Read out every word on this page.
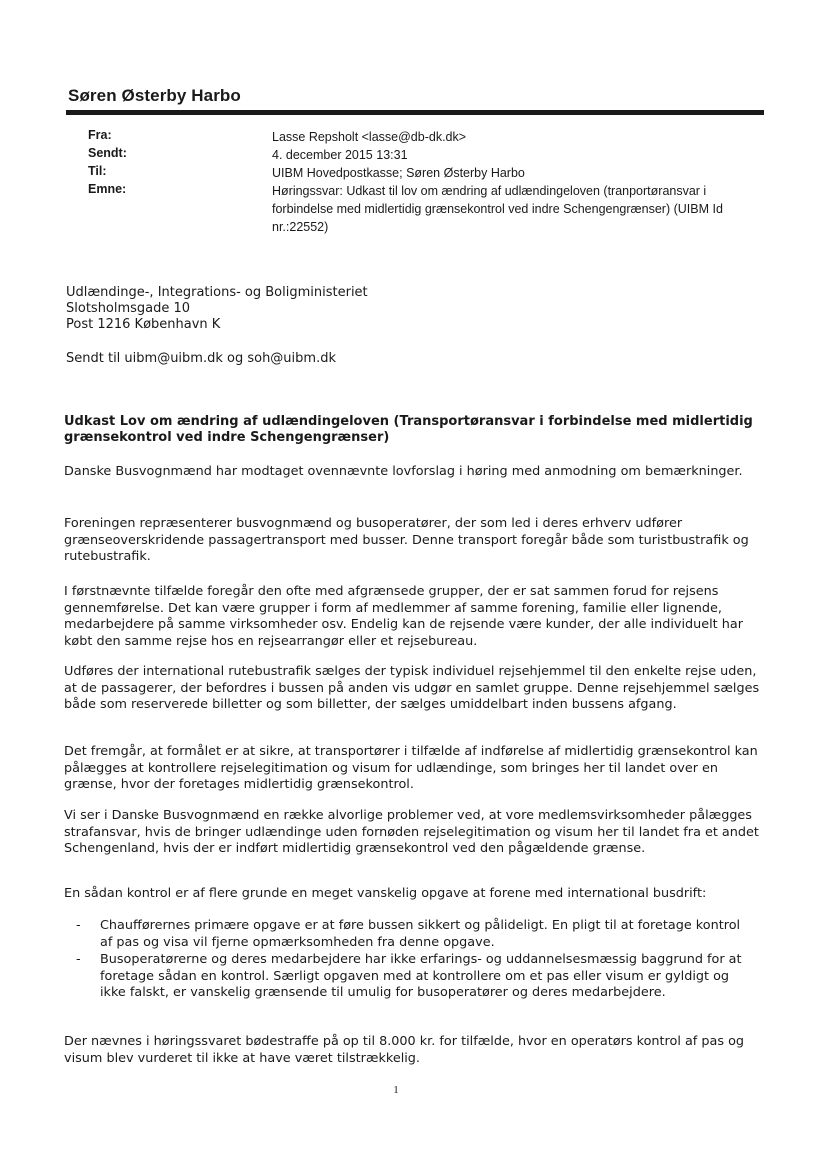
Søren Østerby Harbo
Fra:	Lasse Repsholt <lasse@db-dk.dk>
Sendt:	4. december 2015 13:31
Til:	UIBM Hovedpostkasse; Søren Østerby Harbo
Emne:	Høringssvar: Udkast til lov om ændring af udlændingeloven (tranportøransvar i forbindelse med midlertidig grænsekontrol ved indre Schengengrænser) (UIBM Id nr.:22552)
Udlændinge-, Integrations- og Boligministeriet
Slotsholmsgade 10
Post 1216 København K
Sendt til uibm@uibm.dk og soh@uibm.dk
Udkast Lov om ændring af udlændingeloven (Transportøransvar i forbindelse med midlertidig grænsekontrol ved indre Schengengrænser)
Danske Busvognmænd har modtaget ovennævnte lovforslag i høring med anmodning om bemærkninger.
Foreningen repræsenterer busvognmænd og busoperatører, der som led i deres erhverv udfører grænseoverskridende passagertransport med busser. Denne transport foregår både som turistbustrafik og rutebustrafik.
I førstnævnte tilfælde foregår den ofte med afgrænsede grupper, der er sat sammen forud for rejsens gennemførelse. Det kan være grupper i form af medlemmer af samme forening, familie eller lignende, medarbejdere på samme virksomheder osv. Endelig kan de rejsende være kunder, der alle individuelt har købt den samme rejse hos en rejsearrangør eller et rejsebureau.
Udføres der international rutebustrafik sælges der typisk individuel rejsehjemmel til den enkelte rejse uden, at de passagerer, der befordres i bussen på anden vis udgør en samlet gruppe. Denne rejsehjemmel sælges både som reserverede billetter og som billetter, der sælges umiddelbart inden bussens afgang.
Det fremgår, at formålet er at sikre, at transportører i tilfælde af indførelse af midlertidig grænsekontrol kan pålægges at kontrollere rejselegitimation og visum for udlændinge, som bringes her til landet over en grænse, hvor der foretages midlertidig grænsekontrol.
Vi ser i Danske Busvognmænd en række alvorlige problemer ved, at vore medlemsvirksomheder pålægges strafansvar, hvis de bringer udlændinge uden fornøden rejselegitimation og visum her til landet fra et andet Schengenland, hvis der er indført midlertidig grænsekontrol ved den pågældende grænse.
En sådan kontrol er af flere grunde en meget vanskelig opgave at forene med international busdrift:
-	Chaufførernes primære opgave er at føre bussen sikkert og pålideligt. En pligt til at foretage kontrol af pas og visa vil fjerne opmærksomheden fra denne opgave.
-	Busoperatørerne og deres medarbejdere har ikke erfarings- og uddannelsesmæssig baggrund for at foretage sådan en kontrol. Særligt opgaven med at kontrollere om et pas eller visum er gyldigt og ikke falskt, er vanskelig grænsende til umulig for busoperatører og deres medarbejdere.
Der nævnes i høringssvaret bødestraffe på op til 8.000 kr. for tilfælde, hvor en operatørs kontrol af pas og visum blev vurderet til ikke at have været tilstrækkelig.
1
